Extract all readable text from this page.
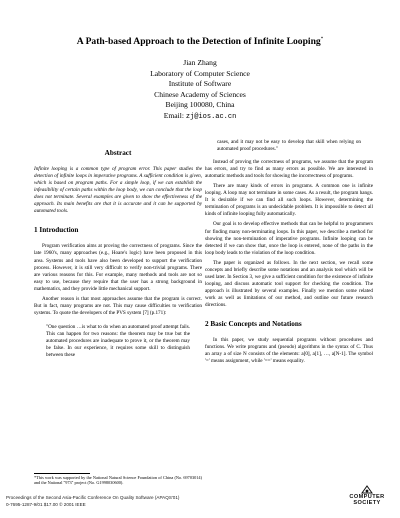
A Path-based Approach to the Detection of Infinite Looping*
Jian Zhang
Laboratory of Computer Science
Institute of Software
Chinese Academy of Sciences
Beijing 100080, China
Email: zj@ios.ac.cn
Abstract
Infinite looping is a common type of program error. This paper studies the detection of infinite loops in imperative programs. A sufficient condition is given, which is based on program paths. For a simple loop, if we can establish the infeasibility of certain paths within the loop body, we can conclude that the loop does not terminate. Several examples are given to show the effectiveness of the approach. Its main benefits are that it is accurate and it can be supported by automated tools.
1 Introduction

Program verification aims at proving the correctness of programs. Since the late 1960's, many approaches (e.g., Hoare's logic) have been proposed in this area. Systems and tools have also been developed to support the verification process. However, it is still very difficult to verify non-trivial programs. There are various reasons for this. For example, many methods and tools are not so easy to use, because they require that the user has a strong background in mathematics, and they provide little mechanical support.

Another reason is that most approaches assume that the program is correct. But in fact, many programs are not. This may cause difficulties to verification systems. To quote the developers of the PVS system [7] (p.171):

"One question …is what to do when an automated proof attempt fails. This can happen for two reasons: the theorem may be true but the automated procedures are inadequate to prove it, or the theorem may be false. In our experience, it requires some skill to distinguish between these
cases, and it may not be easy to develop that skill when relying on automated proof procedures."

Instead of proving the correctness of programs, we assume that the program has errors, and try to find as many errors as possible. We are interested in automatic methods and tools for showing the incorrectness of programs.

There are many kinds of errors in programs. A common one is infinite looping. A loop may not terminate in some cases. As a result, the program hangs. It is desirable if we can find all such loops. However, determining the termination of programs is an undecidable problem. It is impossible to detect all kinds of infinite looping fully automatically.

Our goal is to develop effective methods that can be helpful to programmers for finding many non-terminating loops. In this paper, we describe a method for showing the non-termination of imperative programs. Infinite looping can be detected if we can show that, once the loop is entered, none of the paths in the loop body leads to the violation of the loop condition.

The paper is organized as follows. In the next section, we recall some concepts and briefly describe some notations and an analysis tool which will be used later. In Section 3, we give a sufficient condition for the existence of infinite looping, and discuss automatic tool support for checking the condition. The approach is illustrated by several examples. Finally we mention some related work as well as limitations of our method, and outline our future research directions.

2 Basic Concepts and Notations

In this paper, we study sequential programs without procedures and functions. We write programs and (pseudo) algorithms in the syntax of C. Thus an array a of size N consists of the elements: a[0], a[1], …, a[N-1]. The symbol '=' means assignment, while '==' means equality.

*This work was supported by the National Natural Science Foundation of China (No. 69703014) and the National "973" project (No. G1998030600).
Proceedings of the Second Asia-Pacific Conference On Quality Software (APAQS'01)
0-7695-1287-9/01 $17.00 © 2001 IEEE
COMPUTER
SOCIETY
